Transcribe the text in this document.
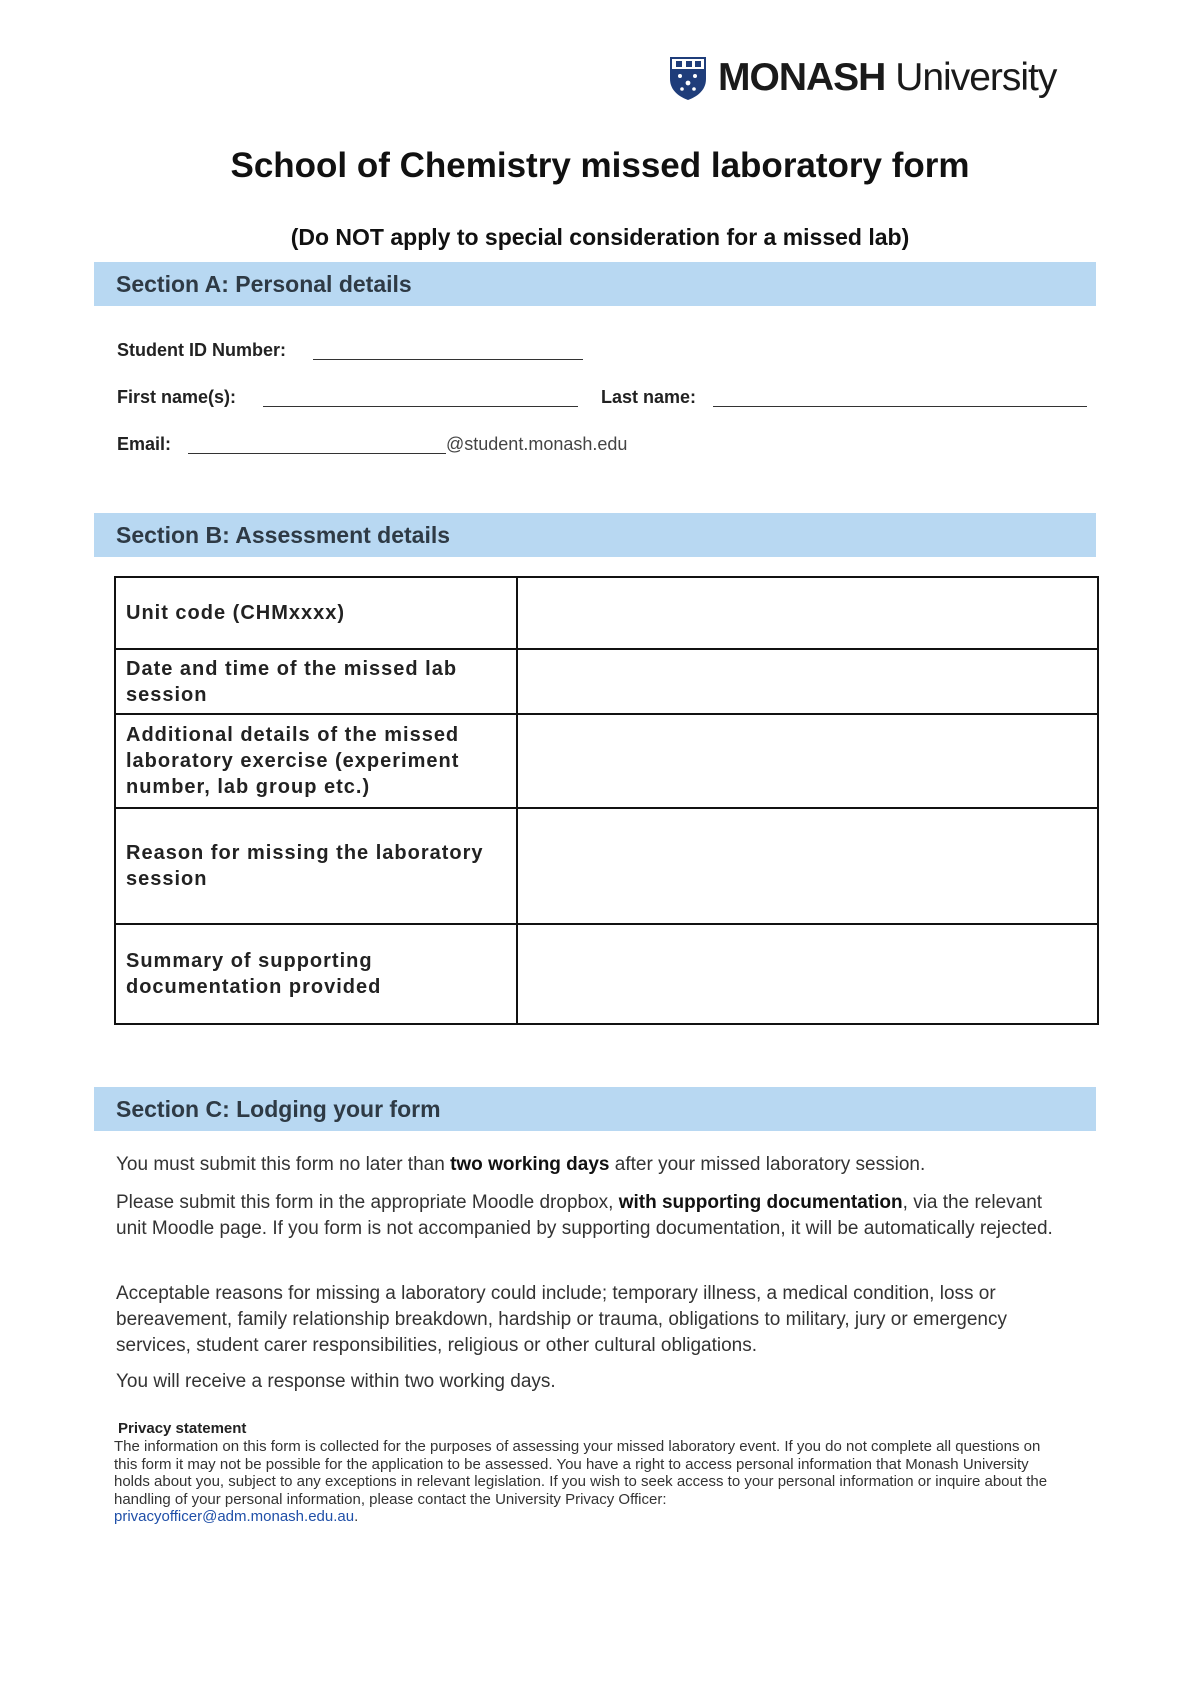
MONASH University
School of Chemistry missed laboratory form
(Do NOT apply to special consideration for a missed lab)
Section A: Personal details
Student ID Number:
First name(s):	Last name:
Email:	@student.monash.edu
Section B: Assessment details
Unit code (CHMxxxx)	
Date and time of the missed lab session	
Additional details of the missed laboratory exercise (experiment number, lab group etc.)	
Reason for missing the laboratory session	
Summary of supporting documentation provided	
Section C: Lodging your form
You must submit this form no later than two working days after your missed laboratory session.
Please submit this form in the appropriate Moodle dropbox, with supporting documentation, via the relevant unit Moodle page. If you form is not accompanied by supporting documentation, it will be automatically rejected.
Acceptable reasons for missing a laboratory could include; temporary illness, a medical condition, loss or bereavement, family relationship breakdown, hardship or trauma, obligations to military, jury or emergency services, student carer responsibilities, religious or other cultural obligations.
You will receive a response within two working days.
Privacy statement
The information on this form is collected for the purposes of assessing your missed laboratory event. If you do not complete all questions on this form it may not be possible for the application to be assessed. You have a right to access personal information that Monash University holds about you, subject to any exceptions in relevant legislation. If you wish to seek access to your personal information or inquire about the handling of your personal information, please contact the University Privacy Officer:
privacyofficer@adm.monash.edu.au.
